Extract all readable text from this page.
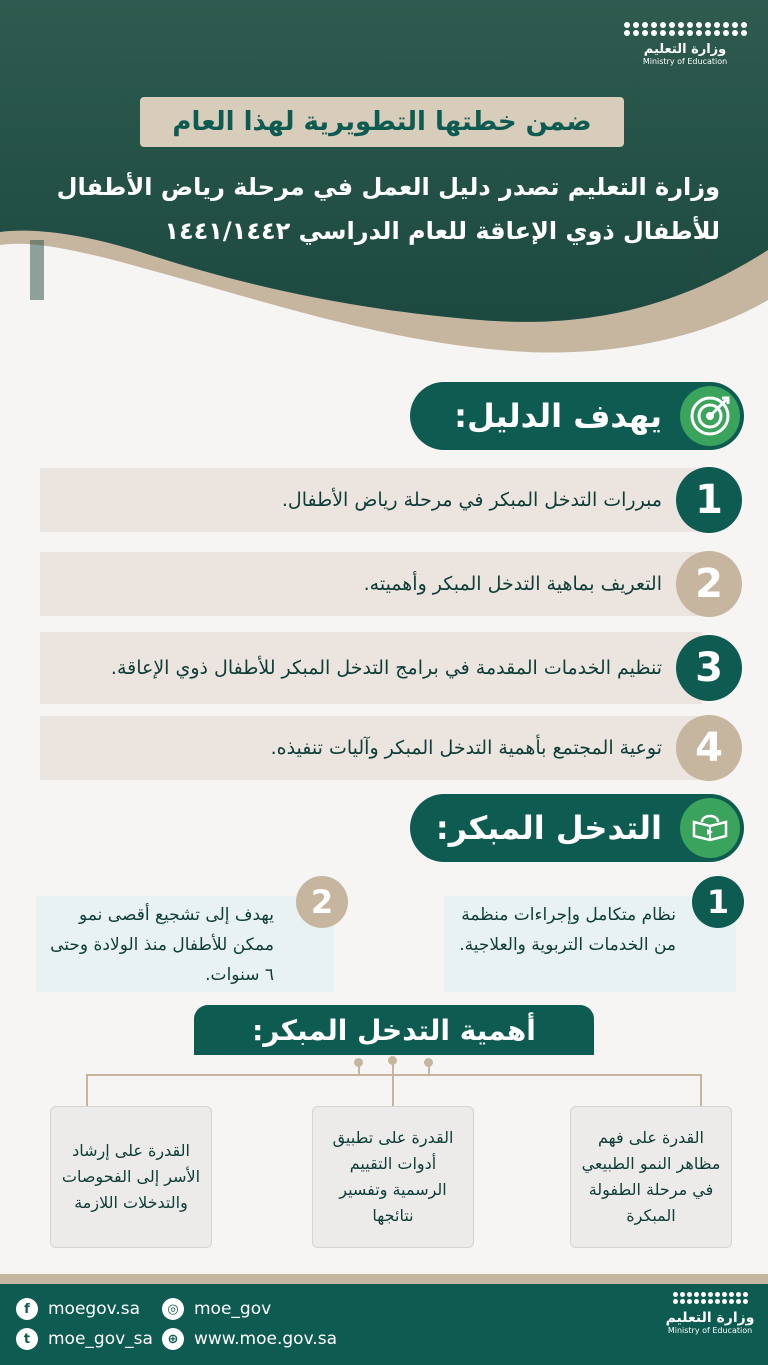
وزارة التعليم
Ministry of Education
ضمن خطتها التطويرية لهذا العام
وزارة التعليم تصدر دليل العمل في مرحلة رياض الأطفال
للأطفال ذوي الإعاقة للعام الدراسي ١٤٤١/١٤٤٢
يهدف الدليل:
مبررات التدخل المبكر في مرحلة رياض الأطفال. 1
التعريف بماهية التدخل المبكر وأهميته. 2
تنظيم الخدمات المقدمة في برامج التدخل المبكر للأطفال ذوي الإعاقة. 3
توعية المجتمع بأهمية التدخل المبكر وآليات تنفيذه. 4
التدخل المبكر:
نظام متكامل وإجراءات منظمة من الخدمات التربوية والعلاجية.
1
يهدف إلى تشجيع أقصى نمو ممكن للأطفال منذ الولادة وحتى ٦ سنوات.
2
أهمية التدخل المبكر:
القدرة على فهم مظاهر النمو الطبيعي في مرحلة الطفولة المبكرة
القدرة على تطبيق أدوات التقييم الرسمية وتفسير نتائجها
القدرة على إرشاد الأسر إلى الفحوصات والتدخلات اللازمة
f	moegov.sa	◎ moe_gov
t	moe_gov_sa	⊕ www.moe.gov.sa
وزارة التعليم
Ministry of Education
